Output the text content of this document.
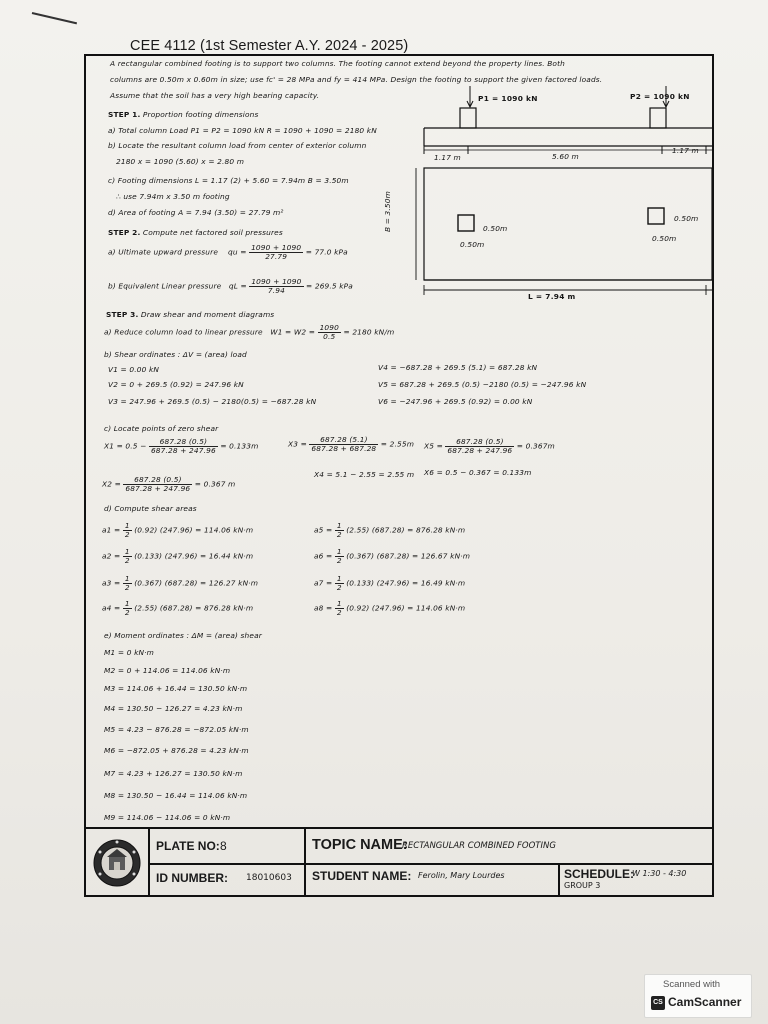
CEE 4112 (1st Semester A.Y. 2024 - 2025)
A rectangular combined footing is to support two columns. The footing cannot extend beyond the property lines. Both
columns are 0.50m x 0.60m in size; use fc' = 28 MPa and fy = 414 MPa. Design the footing to support the given factored loads.
Assume that the soil has a very high bearing capacity.	P1 = 1090 kN	P2 = 1090 kN
1.17 m	5.60 m
1.17 m
B = 3.50m	0.50m
0.50m
0.50m
0.50m
L = 7.94 m
STEP 1. Proportion footing dimensions
a) Total column Load P1 = P2 = 1090 kN R = 1090 + 1090 = 2180 kN
b) Locate the resultant column load from center of exterior column
2180 x = 1090 (5.60) x = 2.80 m
c) Footing dimensions L = 1.17 (2) + 5.60 = 7.94m B = 3.50m
∴ use 7.94m x 3.50 m footing
d) Area of footing A = 7.94 (3.50) = 27.79 m²
STEP 2. Compute net factored soil pressures
a) Ultimate upward pressure qu = $\frac{1090 + 1090}{27.79} = 77.0$ kPa
b) Equivalent Linear pressure qL = $\frac{1090 + 1090}{7.94} = 269.5$ kPa
STEP 3. Draw shear and moment diagrams
a) Reduce column load to linear pressure $W1 = W2 = \frac{1090}{0.5} = 2180$ kN/m
b) Shear ordinates : ΔV = (area) load
V1 = 0.00 kN
V2 = 0 + 269.5 (0.92) = 247.96 kN
V3 = 247.96 + 269.5 (0.5) − 2180(0.5) = −687.28 kN
V4 = −687.28 + 269.5 (5.1) = 687.28 kN
V5 = 687.28 + 269.5 (0.5) −2180 (0.5) = −247.96 kN
V6 = −247.96 + 269.5 (0.92) = 0.00 kN
c) Locate points of zero shear
$X1 = 0.5 - \frac{687.28 (0.5)}{687.28 + 247.96} = 0.133m$	$X3 = \frac{687.28 (5.1)}{687.28 + 687.28} = 2.55m$ $X5 = \frac{687.28 (0.5)}{687.28 + 247.96} = 0.367m$
$X2 = \frac{687.28 (0.5)}{687.28 + 247.96} = 0.367$ m
X4 = 5.1 − 2.55 = 2.55 m X6 = 0.5 − 0.367 = 0.133m
d) Compute shear areas
$a1 = \frac{1}{2} (0.92) (247.96) = 114.06$ kN·m
$a2 = \frac{1}{2} (0.133) (247.96) = 16.44$ kN·m
$a3 = \frac{1}{2} (0.367) (687.28) = 126.27$ kN·m
$a4 = \frac{1}{2} (2.55) (687.28) = 876.28$ kN·m
$a5 = \frac{1}{2} (2.55) (687.28) = 876.28$ kN·m
$a6 = \frac{1}{2} (0.367) (687.28) = 126.67$ kN·m
$a7 = \frac{1}{2} (0.133) (247.96) = 16.49$ kN·m
$a8 = \frac{1}{2} (0.92) (247.96) = 114.06$ kN·m
e) Moment ordinates : ΔM = (area) shear
M1 = 0 kN·m
M2 = 0 + 114.06 = 114.06 kN·m
M3 = 114.06 + 16.44 = 130.50 kN·m
M4 = 130.50 − 126.27 = 4.23 kN·m
M5 = 4.23 − 876.28 = −872.05 kN·m
M6 = −872.05 + 876.28 = 4.23 kN·m
M7 = 4.23 + 126.27 = 130.50 kN·m
M8 = 130.50 − 16.44 = 114.06 kN·m
M9 = 114.06 − 114.06 = 0 kN·m
PLATE NO: 8	TOPIC NAME:
RECTANGULAR COMBINED FOOTING
ID NUMBER: 18010603 STUDENT NAME: Ferolin, Mary Lourdes	SCHEDULE:
W 1:30 - 4:30
GROUP 3
Scanned with
CS CamScanner
